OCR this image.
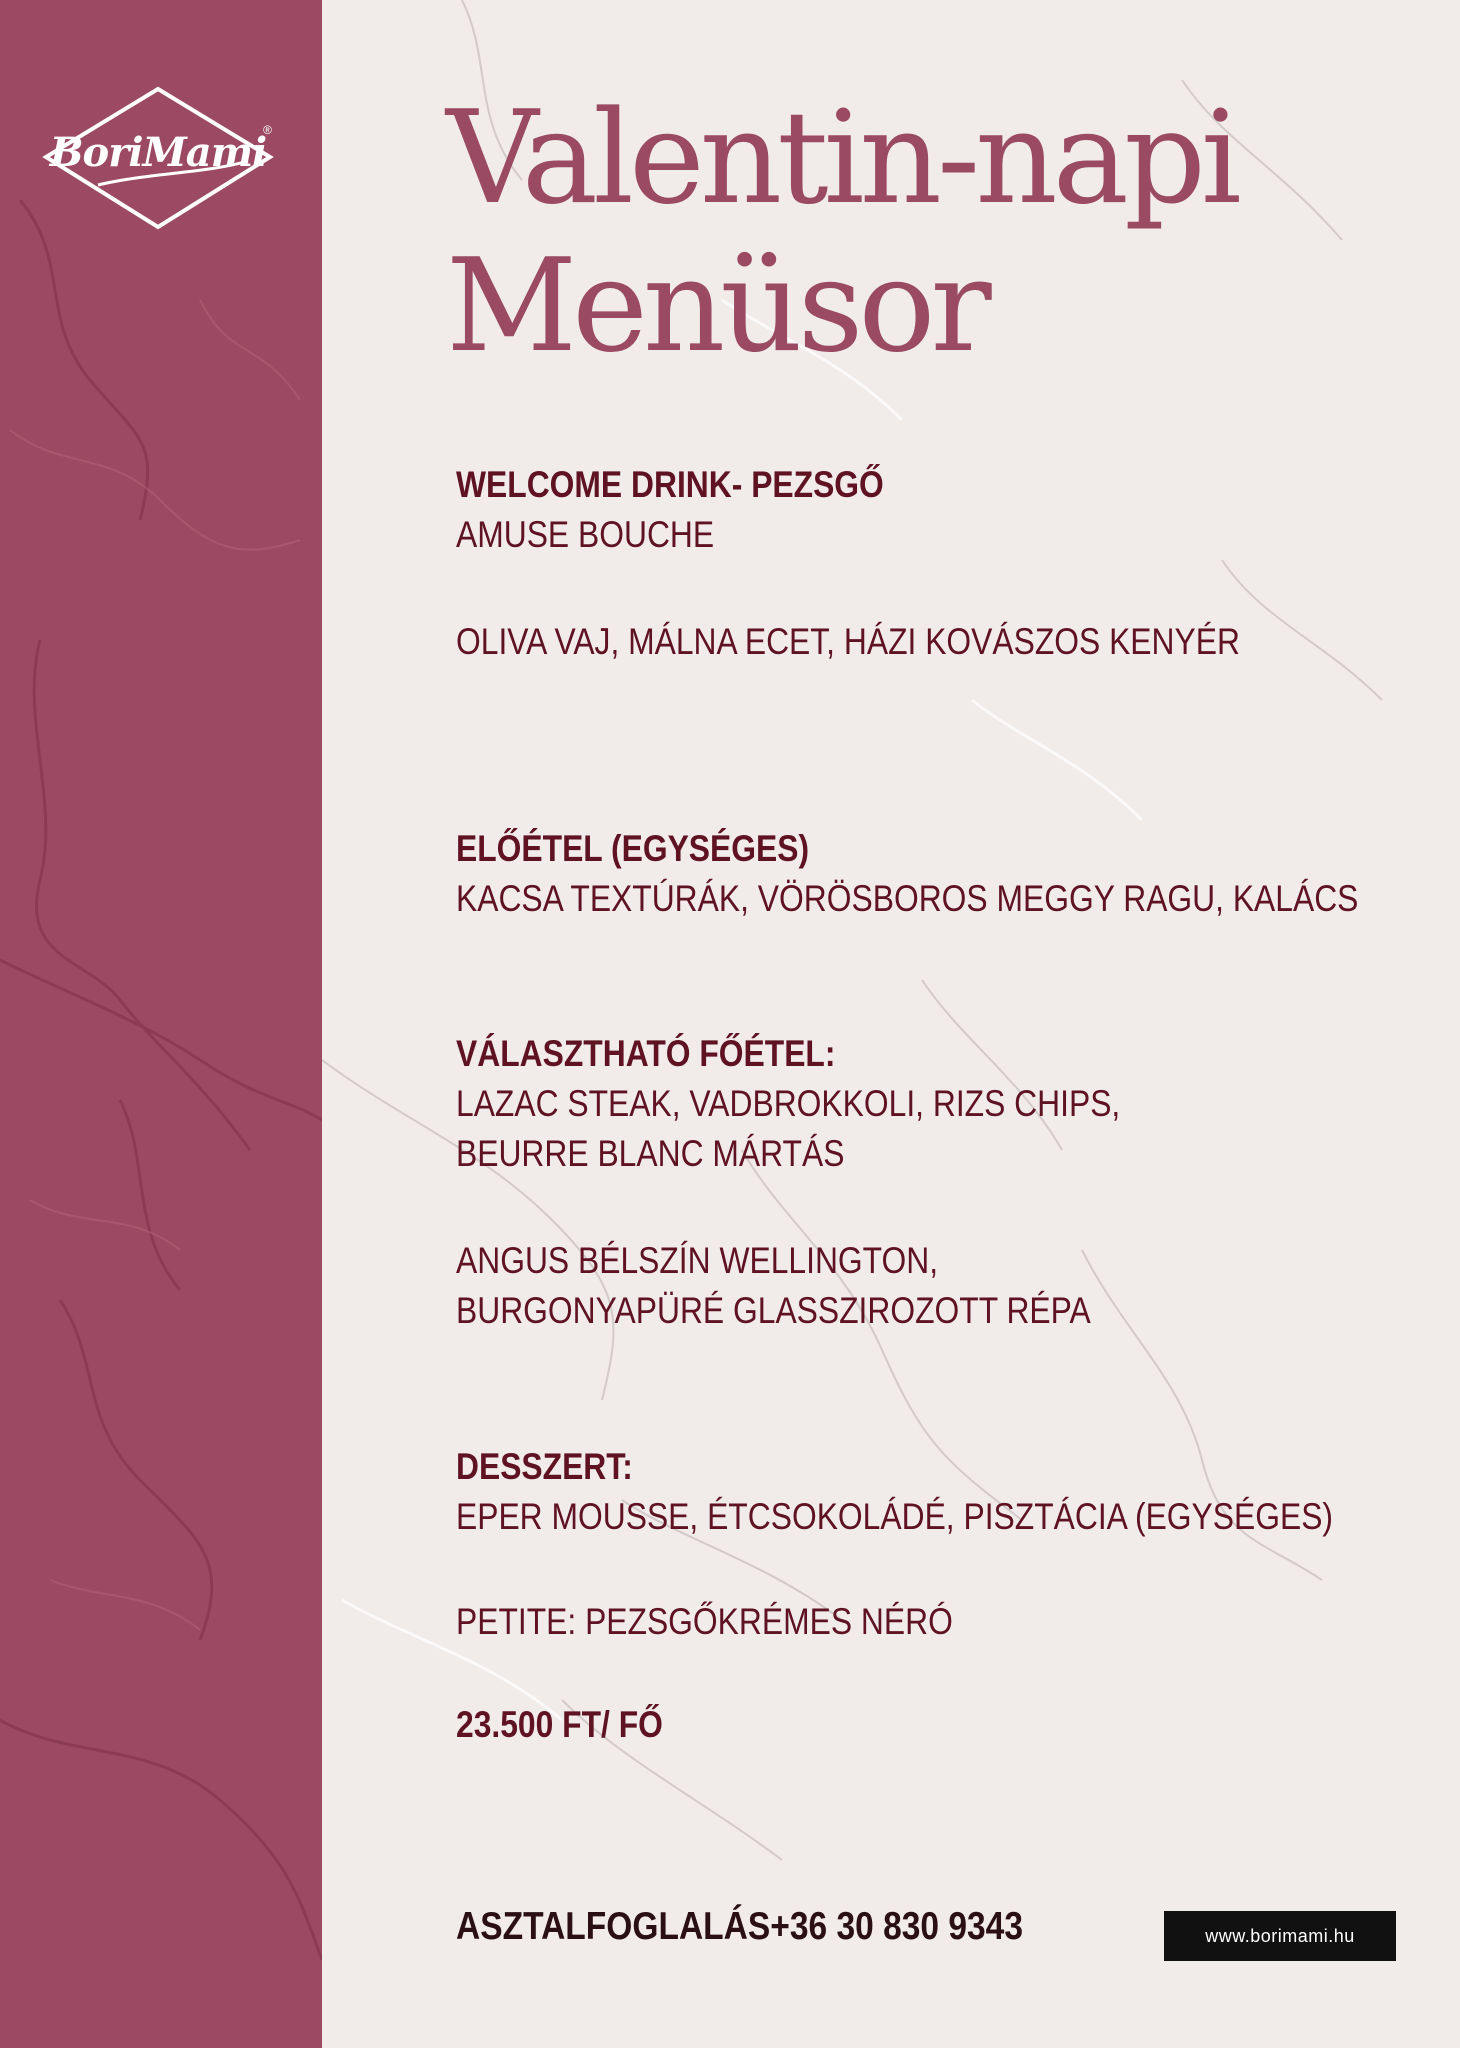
BoriMami
® Valentin-napi
Menüsor
WELCOME DRINK- PEZSGŐ
AMUSE BOUCHE
OLIVA VAJ, MÁLNA ECET, HÁZI KOVÁSZOS KENYÉR
ELŐÉTEL (EGYSÉGES)
KACSA TEXTÚRÁK, VÖRÖSBOROS MEGGY RAGU, KALÁCS
VÁLASZTHATÓ FŐÉTEL:
LAZAC STEAK, VADBROKKOLI, RIZS CHIPS,
BEURRE BLANC MÁRTÁS
ANGUS BÉLSZÍN WELLINGTON,
BURGONYAPÜRÉ GLASSZIROZOTT RÉPA
DESSZERT:
EPER MOUSSE, ÉTCSOKOLÁDÉ, PISZTÁCIA (EGYSÉGES)
PETITE: PEZSGŐKRÉMES NÉRÓ
23.500 FT/ FŐ
ASZTALFOGLALÁS+36 30 830 9343	www.borimami.hu
